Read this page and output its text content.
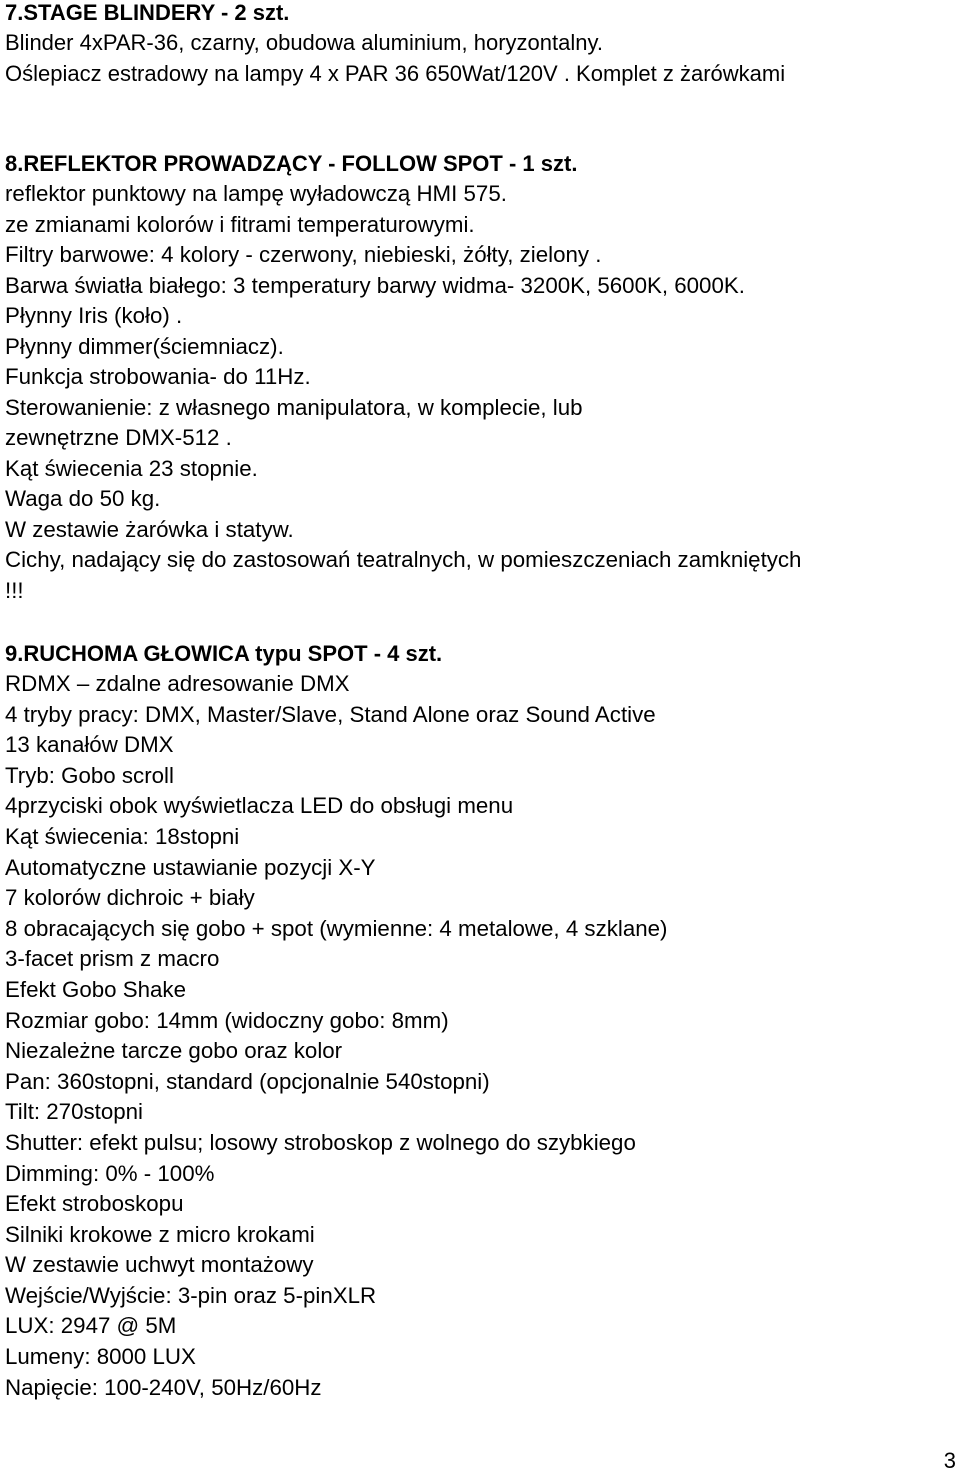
7.STAGE BLINDERY - 2 szt.
Blinder 4xPAR-36, czarny, obudowa aluminium, horyzontalny.
Oślepiacz estradowy na lampy 4 x PAR 36 650Wat/120V . Komplet z żarówkami
8.REFLEKTOR PROWADZĄCY - FOLLOW SPOT - 1 szt.
reflektor punktowy na lampę wyładowczą HMI 575.
ze zmianami kolorów i fitrami temperaturowymi.
Filtry barwowe: 4 kolory - czerwony, niebieski, żółty, zielony .
Barwa światła białego: 3 temperatury barwy widma- 3200K, 5600K, 6000K.
Płynny Iris (koło) .
Płynny dimmer(ściemniacz).
Funkcja strobowania- do 11Hz.
Sterowanienie: z własnego manipulatora, w komplecie, lub
zewnętrzne DMX-512 .
Kąt świecenia 23 stopnie.
Waga do 50 kg.
W zestawie żarówka i statyw.
Cichy, nadający się do zastosowań teatralnych, w pomieszczeniach zamkniętych
!!!
9.RUCHOMA GŁOWICA typu SPOT - 4 szt.
RDMX – zdalne adresowanie DMX
4 tryby pracy: DMX, Master/Slave, Stand Alone oraz Sound Active
13 kanałów DMX
Tryb: Gobo scroll
4przyciski obok wyświetlacza LED do obsługi menu
Kąt świecenia: 18stopni
Automatyczne ustawianie pozycji X-Y
7 kolorów dichroic + biały
8 obracających się gobo + spot (wymienne: 4 metalowe, 4 szklane)
3-facet prism z macro
Efekt Gobo Shake
Rozmiar gobo: 14mm (widoczny gobo: 8mm)
Niezależne tarcze gobo oraz kolor
Pan: 360stopni, standard (opcjonalnie 540stopni)
Tilt: 270stopni
Shutter: efekt pulsu; losowy stroboskop z wolnego do szybkiego
Dimming: 0% - 100%
Efekt stroboskopu
Silniki krokowe z micro krokami
W zestawie uchwyt montażowy
Wejście/Wyjście: 3-pin oraz 5-pinXLR
LUX: 2947 @ 5M
Lumeny: 8000 LUX
Napięcie: 100-240V, 50Hz/60Hz
3
